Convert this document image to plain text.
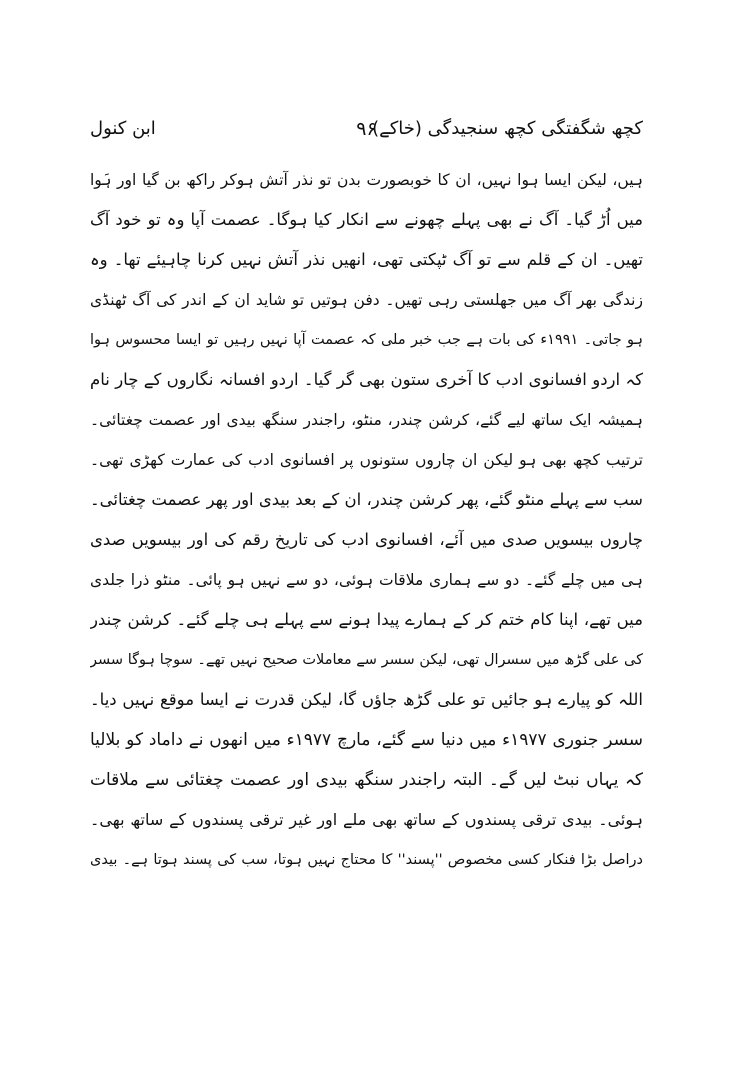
کچھ شگفتگی کچھ سنجیدگی (خاکے)
۹۶
ابن کنول
ہیں، لیکن ایسا ہوا نہیں، ان کا خوبصورت بدن تو نذر آتش ہوکر راکھ بن گیا اور ہَوا
میں اُڑ گیا۔ آگ نے بھی پہلے چھونے سے انکار کیا ہوگا۔ عصمت آپا وہ تو خود آگ
تھیں۔ ان کے قلم سے تو آگ ٹپکتی تھی، انھیں نذر آتش نہیں کرنا چاہیئے تھا۔ وہ
زندگی بھر آگ میں جھلستی رہی تھیں۔ دفن ہوتیں تو شاید ان کے اندر کی آگ ٹھنڈی
ہو جاتی۔ ۱۹۹۱ء کی بات ہے جب خبر ملی کہ عصمت آپا نہیں رہیں تو ایسا محسوس ہوا
کہ اردو افسانوی ادب کا آخری ستون بھی گر گیا۔ اردو افسانہ نگاروں کے چار نام
ہمیشہ ایک ساتھ لیے گئے، کرشن چندر، منٹو، راجندر سنگھ بیدی اور عصمت چغتائی۔
ترتیب کچھ بھی ہو لیکن ان چاروں ستونوں پر افسانوی ادب کی عمارت کھڑی تھی۔
سب سے پہلے منٹو گئے، پھر کرشن چندر، ان کے بعد بیدی اور پھر عصمت چغتائی۔
چاروں بیسویں صدی میں آئے، افسانوی ادب کی تاریخ رقم کی اور بیسویں صدی
ہی میں چلے گئے۔ دو سے ہماری ملاقات ہوئی، دو سے نہیں ہو پائی۔ منٹو ذرا جلدی
میں تھے، اپنا کام ختم کر کے ہمارے پیدا ہونے سے پہلے ہی چلے گئے۔ کرشن چندر
کی علی گڑھ میں سسرال تھی، لیکن سسر سے معاملات صحیح نہیں تھے۔ سوچا ہوگا سسر
اللہ کو پیارے ہو جائیں تو علی گڑھ جاؤں گا، لیکن قدرت نے ایسا موقع نہیں دیا۔
سسر جنوری ۱۹۷۷ء میں دنیا سے گئے، مارچ ۱۹۷۷ء میں انھوں نے داماد کو بلالیا
کہ یہاں نبٹ لیں گے۔ البتہ راجندر سنگھ بیدی اور عصمت چغتائی سے ملاقات
ہوئی۔ بیدی ترقی پسندوں کے ساتھ بھی ملے اور غیر ترقی پسندوں کے ساتھ بھی۔
دراصل بڑا فنکار کسی مخصوص ''پسند'' کا محتاج نہیں ہوتا، سب کی پسند ہوتا ہے۔ بیدی
